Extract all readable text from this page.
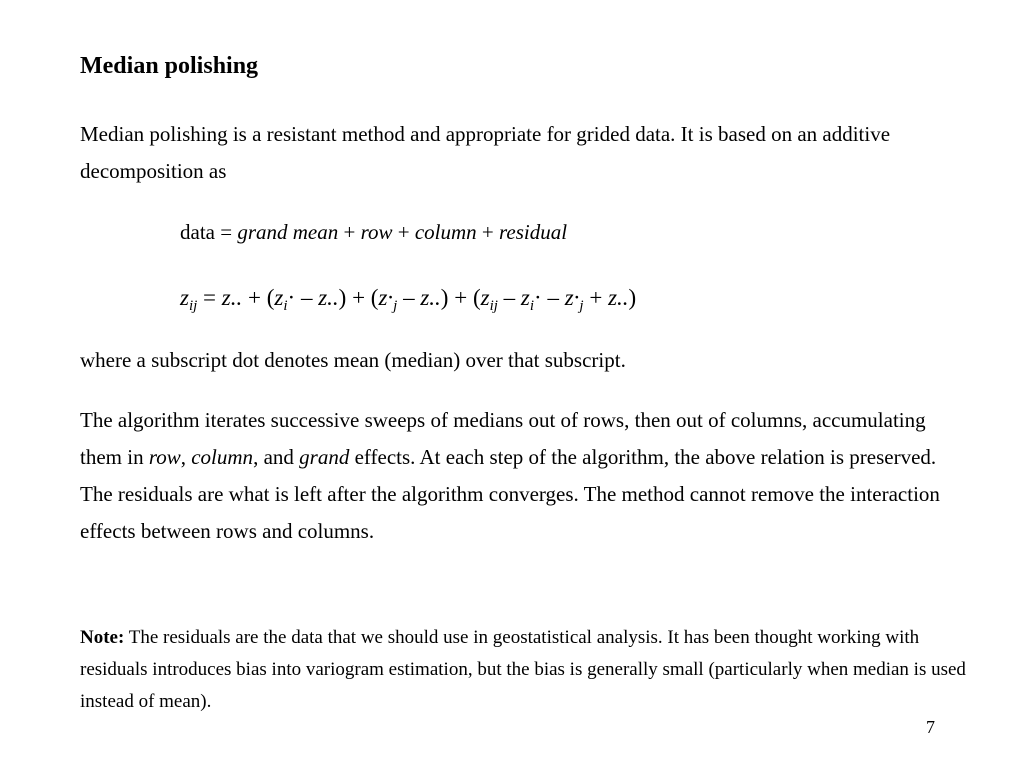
Median polishing

Median polishing is a resistant method and appropriate for grided data. It is based on an additive decomposition as

data = grand mean + row + column + residual
$z_{ij} = z$.. + $(z_i\cdot - z..) + (z\cdot_j - z..) + (z_{ij} - z_i\cdot - z\cdot_j + z..)$

where a subscript dot denotes mean (median) over that subscript.

The algorithm iterates successive sweeps of medians out of rows, then out of columns, accumulating them in row, column, and grand effects. At each step of the algorithm, the above relation is preserved. The residuals are what is left after the algorithm converges. The method cannot remove the interaction effects between rows and columns.

Note: The residuals are the data that we should use in geostatistical analysis. It has been thought working with residuals introduces bias into variogram estimation, but the bias is generally small (particularly when median is used instead of mean).

7
